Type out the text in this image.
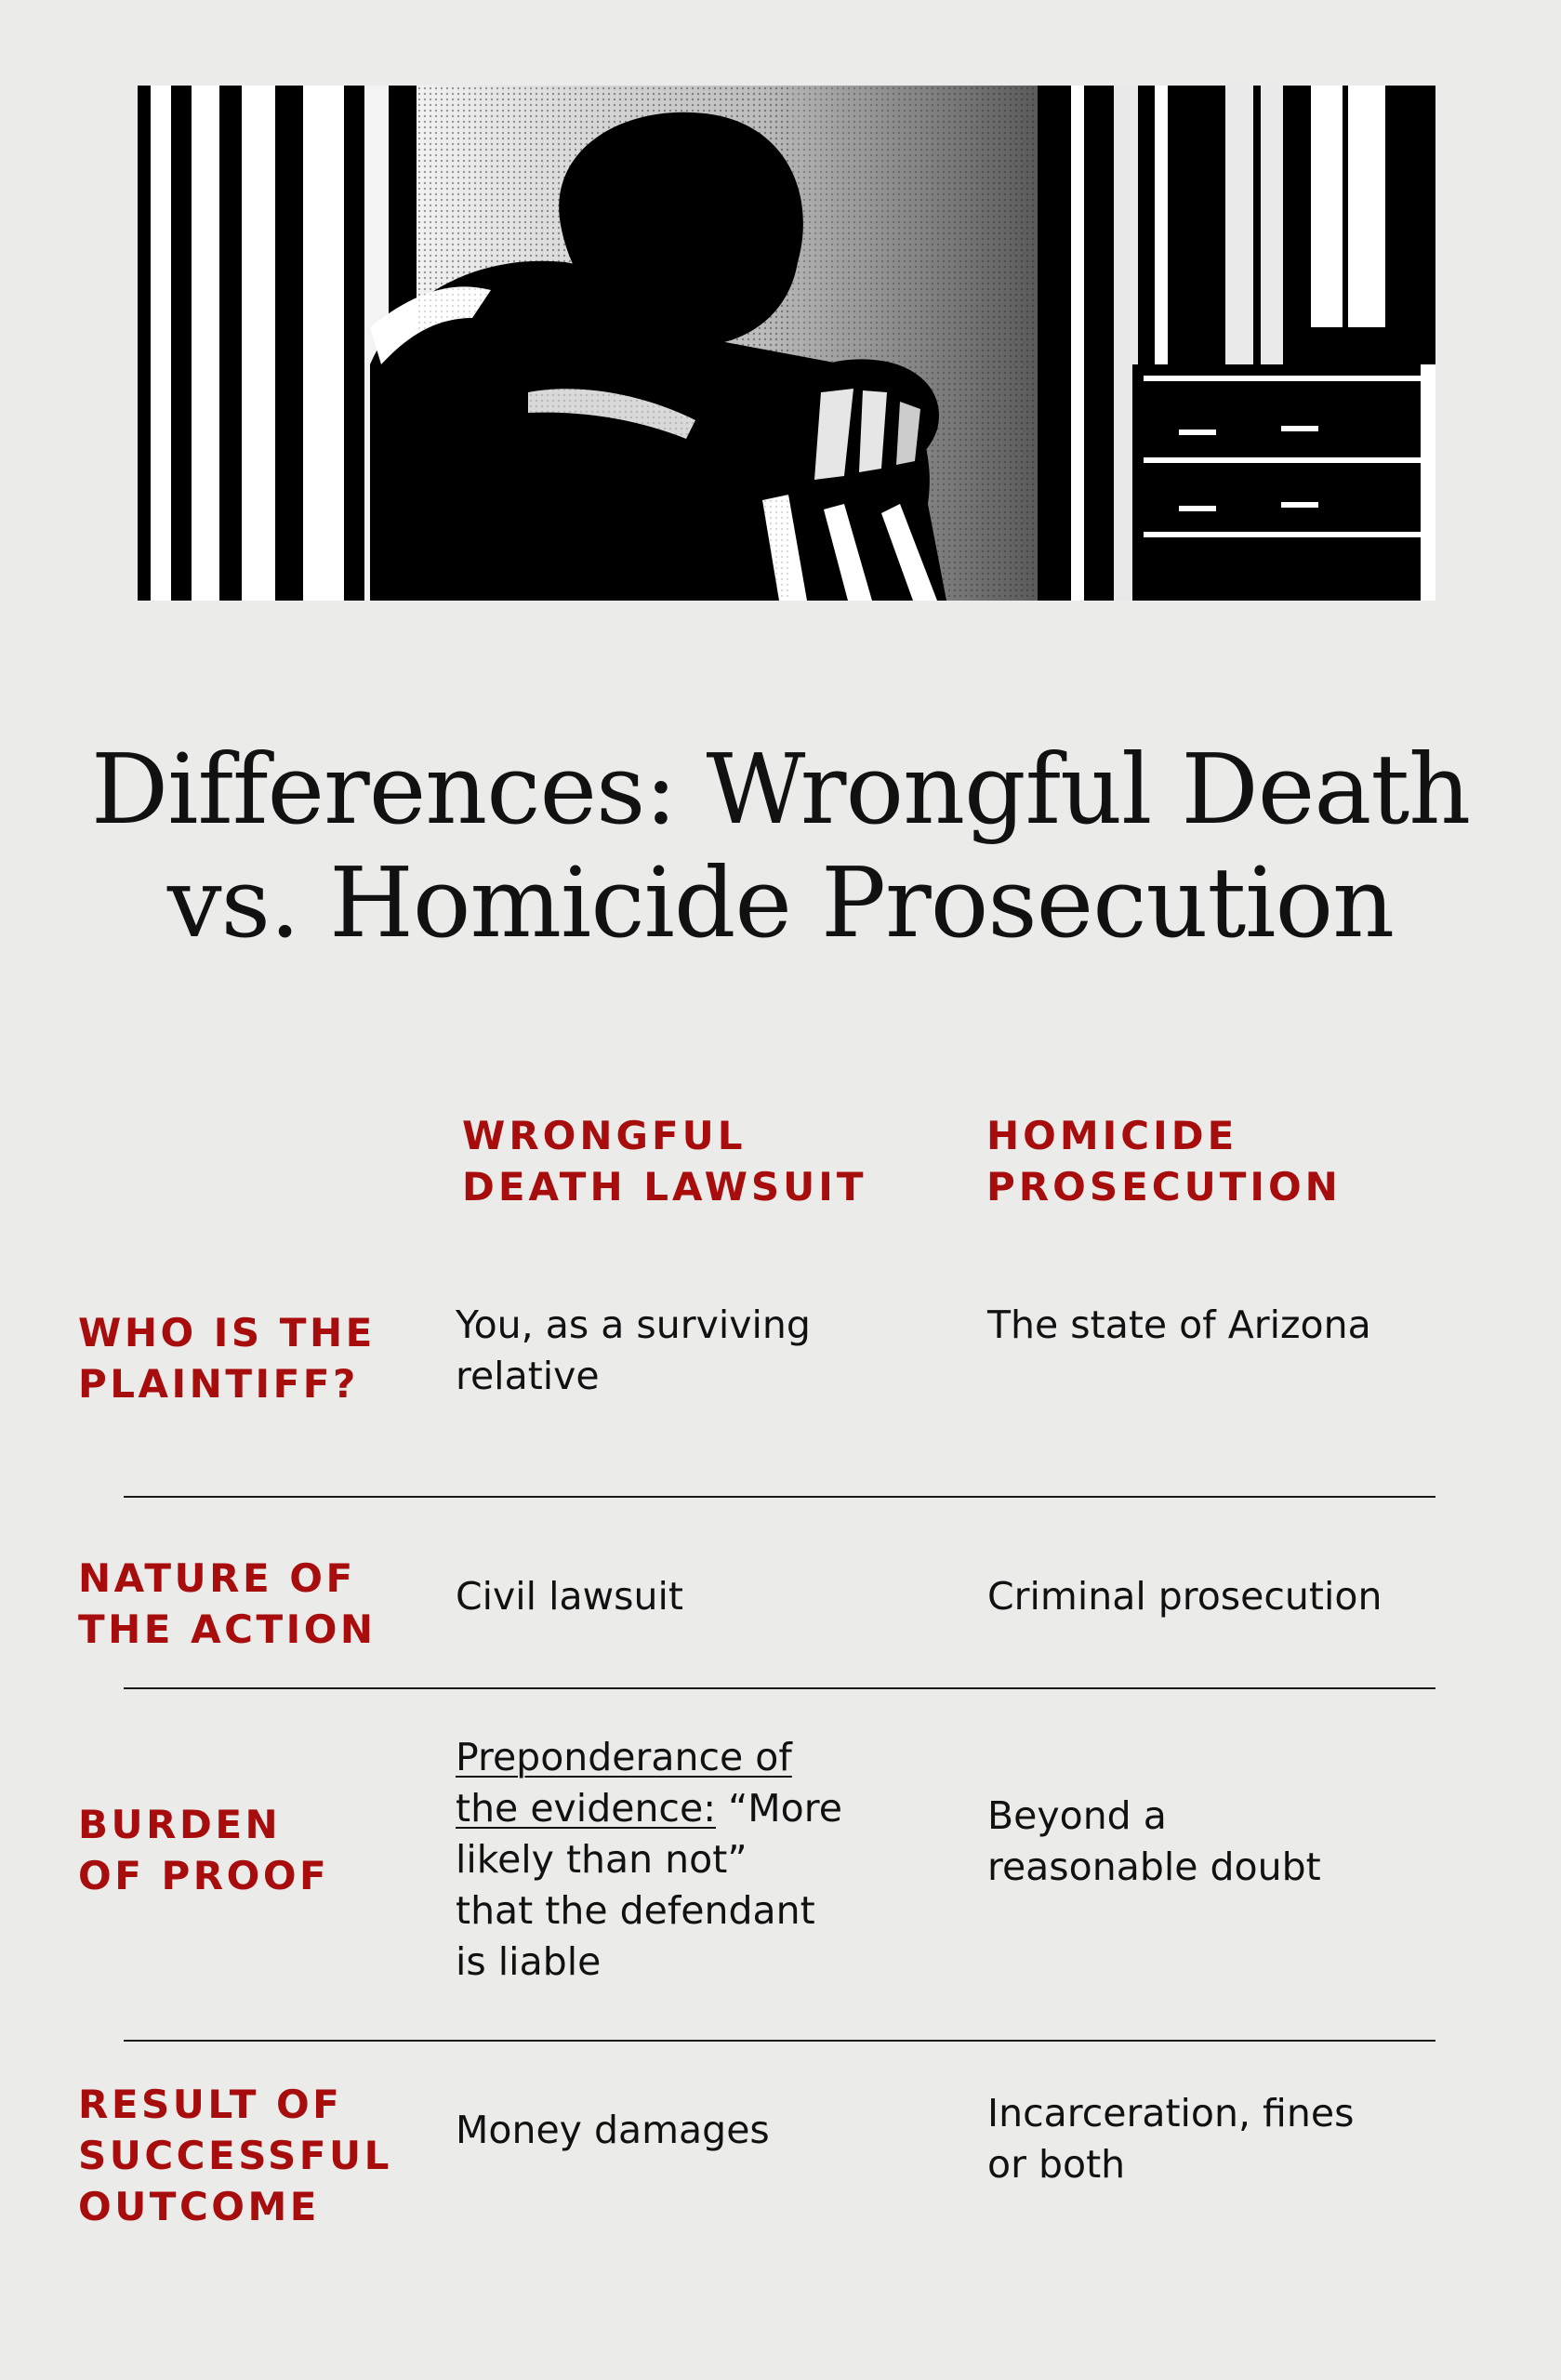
Differences: Wrongful Death
vs. Homicide Prosecution
WRONGFUL
DEATH LAWSUIT
HOMICIDE
PROSECUTION
WHO IS THE
PLAINTIFF?
You, as a surviving
relative
The state of Arizona
NATURE OF
THE ACTION
Civil lawsuit	Criminal prosecution
BURDEN
OF PROOF
Preponderance of
the evidence: “More
likely than not”
that the defendant
is liable
Beyond a
reasonable doubt
RESULT OF
SUCCESSFUL
OUTCOME
Money damages	Incarceration, fines
or both
